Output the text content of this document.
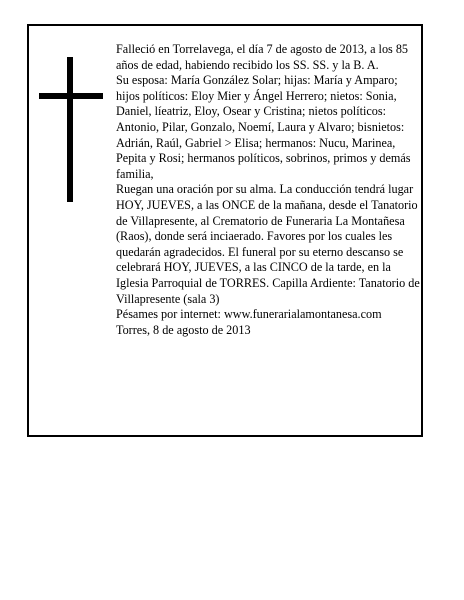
Falleció en Torrelavega, el día 7 de agosto de 2013, a los 85 años de edad, habiendo recibido los SS. SS. y la B. A.

Su esposa: María González Solar; hijas: María y Amparo; hijos políticos: Eloy Mier y Ángel Herrero; nietos: Sonia, Daniel, líeatriz, Eloy, Osear y Cristina; nietos políticos: Antonio, Pilar, Gonzalo, Noemí, Laura y Alvaro; bisnietos: Adrián, Raúl, Gabriel > Elisa; hermanos: Nucu, Marinea, Pepita y Rosi; hermanos políticos, sobrinos, primos y demás familia,

Ruegan una oración por su alma. La conducción tendrá lugar HOY, JUEVES, a las ONCE de la mañana, desde el Tanatorio de Villapresente, al Crematorio de Funeraria La Montañesa (Raos), donde será inciaerado. Favores por los cuales les quedarán agradecidos. El funeral por su eterno descanso se celebrará HOY, JUEVES, a las CINCO de la tarde, en la Iglesia Parroquial de TORRES. Capilla Ardiente: Tanatorio de Villapresente (sala 3)

Pésames por internet: www.funerarialamontanesa.com

Torres, 8 de agosto de 2013
